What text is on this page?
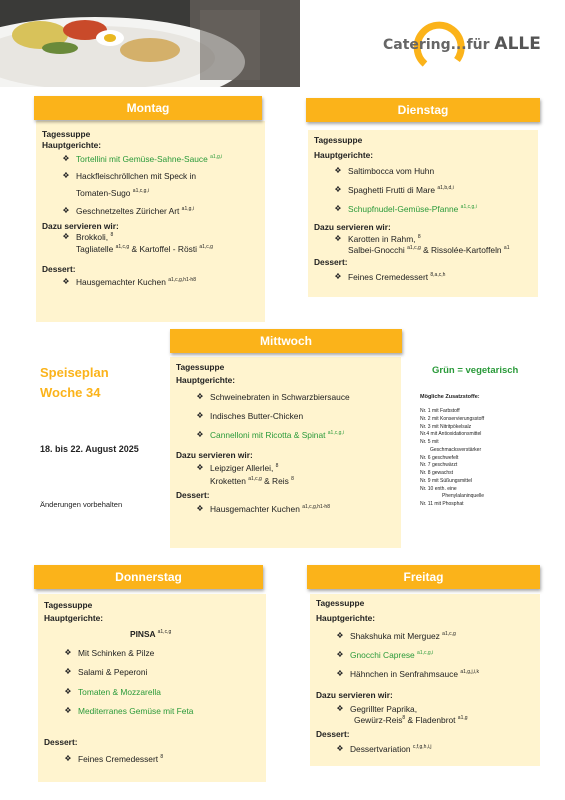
Catering...für ALLE
Tagessuppe
Hauptgerichte:
❖ Tortellini mit Gemüse-Sahne-Sauce $^{a1,g,i}$
❖ Hackfleischröllchen mit Speck in
Tomaten-Sugo $^{a1,c,g,i}$
❖ Geschnetzeltes Züricher Art $^{a1,g,i}$
Dazu servieren wir:
❖ Brokkoli, $^8$
Tagliatelle $^{a1,c,g}$ & Kartoffel - Rösti $^{a1,c,g}$
Dessert:
❖ Hausgemachter Kuchen $^{a1,c,g,h1-h8}$
Montag
Tagessuppe
Hauptgerichte:
❖ Saltimbocca vom Huhn
❖ Spaghetti Frutti di Mare $^{a1,b,d,i}$
❖ Schupfnudel-Gemüse-Pfanne $^{a1,c,g,i}$
Dazu servieren wir:
❖ Karotten in Rahm, $^8$
Salbei-Gnocchi $^{a1,c,g}$ & Rissolée-Kartoffeln $^{a1}$
Dessert:
❖ Feines Cremedessert $^{8,a,c,h}$
Dienstag
Speiseplan
Woche 34
18. bis 22. August 2025
Änderungen vorbehalten
Tagessuppe
Hauptgerichte:
❖ Schweinebraten in Schwarzbiersauce
❖ Indisches Butter-Chicken
❖ Cannelloni mit Ricotta & Spinat $^{a1,c,g,i}$
Dazu servieren wir:
❖ Leipziger Allerlei, $^8$
Kroketten $^{a1,c,g}$ & Reis $^8$
Dessert:
❖ Hausgemachter Kuchen $^{a1,c,g,h1-h8}$
Mittwoch
Grün = vegetarisch
Mögliche Zusatzstoffe:
Nr. 1 mit Farbstoff
Nr. 2 mit Konservierungsstoff
Nr. 3 mit Nitritpökelsalz
Nr.4 mit Antioxidationsmittel
Nr. 5 mit
Geschmacksverstärker
Nr. 6 geschwefelt
Nr. 7 geschwärzt
Nr. 8 gewachst
Nr. 9 mit Süßungsmittel
Nr. 10 enth. eine
Phenylalaninquelle
Nr. 11 mit Phosphat
Tagessuppe
Hauptgerichte:
PINSA $^{a1,c,g}$
❖ Mit Schinken & Pilze
❖ Salami & Peperoni
❖ Tomaten & Mozzarella
❖ Mediterranes Gemüse mit Feta
Dessert:
❖ Feines Cremedessert $^8$
Donnerstag
Tagessuppe
Hauptgerichte:
❖ Shakshuka mit Merguez $^{a1,c,g}$
❖ Gnocchi Caprese $^{a1,c,g,i}$
❖ Hähnchen in Senfrahmsauce $^{a1,g,j,i,k}$
Dazu servieren wir:
❖ Gegrillter Paprika,
Gewürz-Reis$^8$ & Fladenbrot $^{a1,g}$
Dessert:
❖ Dessertvariation $^{c,f,g,h,i,j}$
Freitag
